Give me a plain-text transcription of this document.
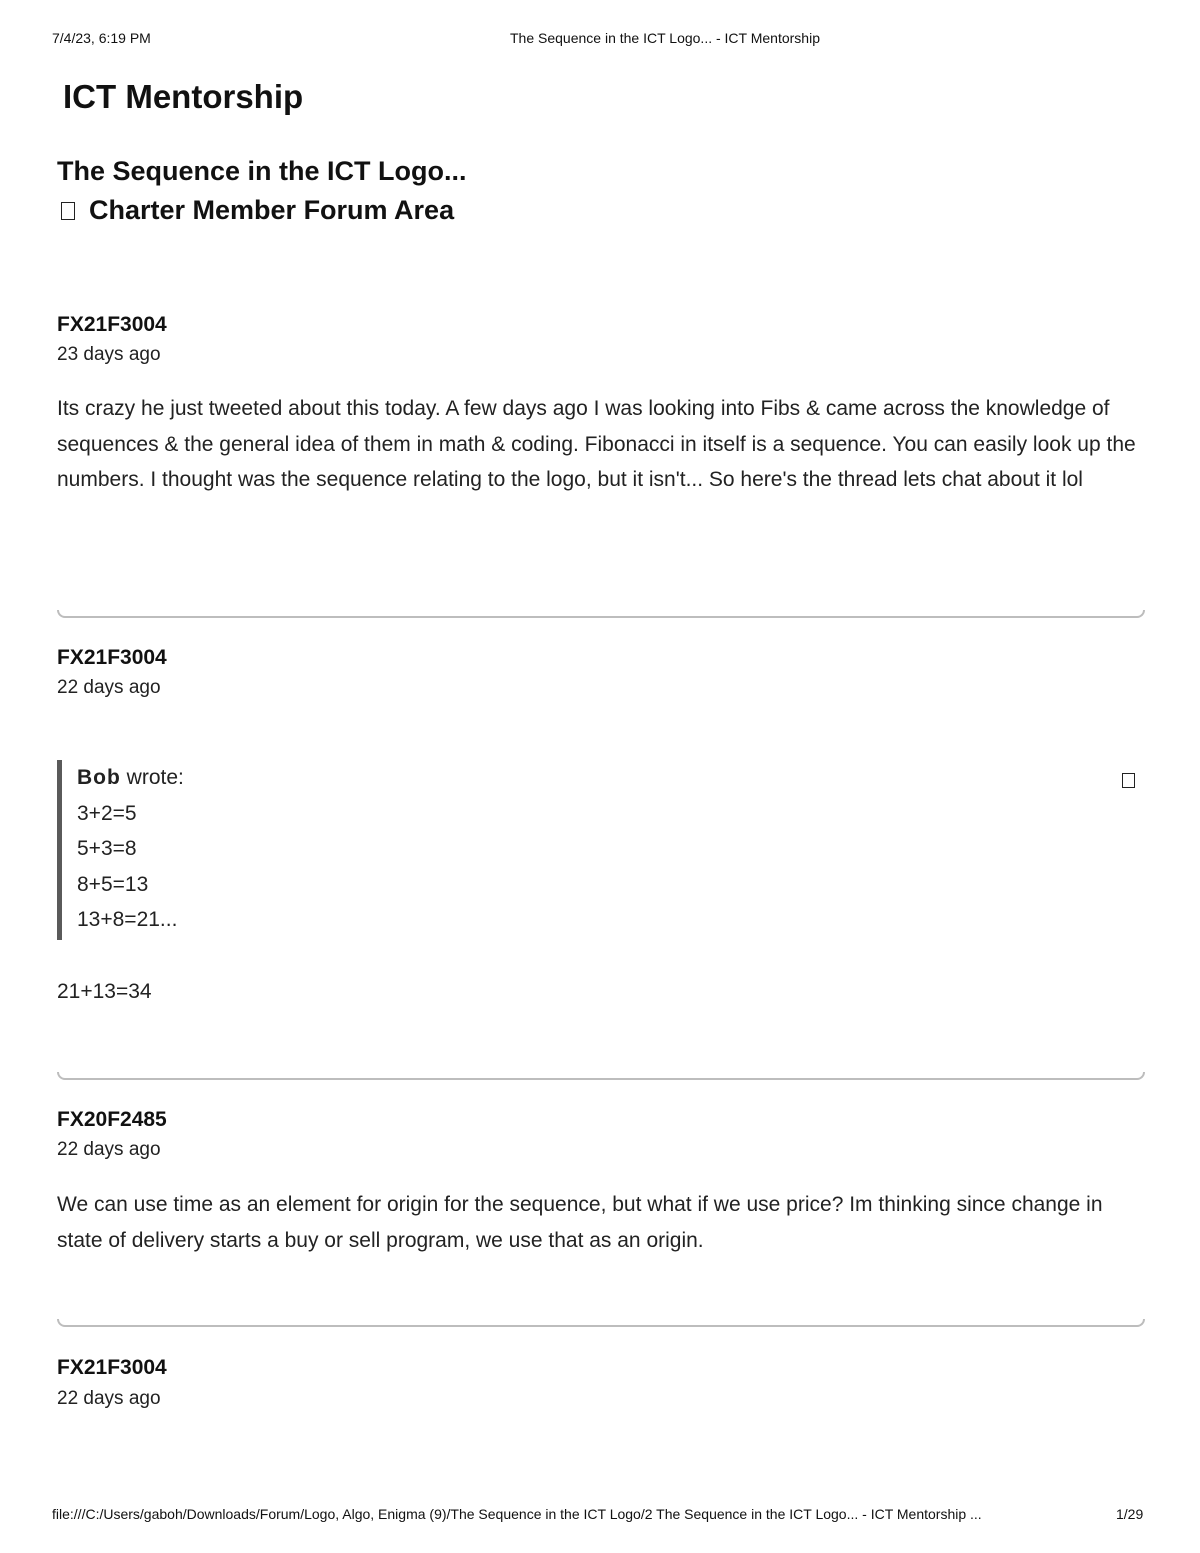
7/4/23, 6:19 PM	The Sequence in the ICT Logo... - ICT Mentorship
ICT Mentorship
The Sequence in the ICT Logo...
Charter Member Forum Area
FX21F3004
23 days ago

Its crazy he just tweeted about this today. A few days ago I was looking into Fibs & came across the knowledge of sequences & the general idea of them in math & coding. Fibonacci in itself is a sequence. You can easily look up the numbers. I thought was the sequence relating to the logo, but it isn't... So here's the thread lets chat about it lol

FX21F3004
22 days ago
Bob wrote:
3+2=5
5+3=8
8+5=13
13+8=21...

21+13=34

FX20F2485
22 days ago

We can use time as an element for origin for the sequence, but what if we use price? Im thinking since change in state of delivery starts a buy or sell program, we use that as an origin.

FX21F3004
22 days ago
file:///C:/Users/gaboh/Downloads/Forum/Logo, Algo, Enigma (9)/The Sequence in the ICT Logo/2 The Sequence in the ICT Logo... - ICT Mentorship ...	1/29
